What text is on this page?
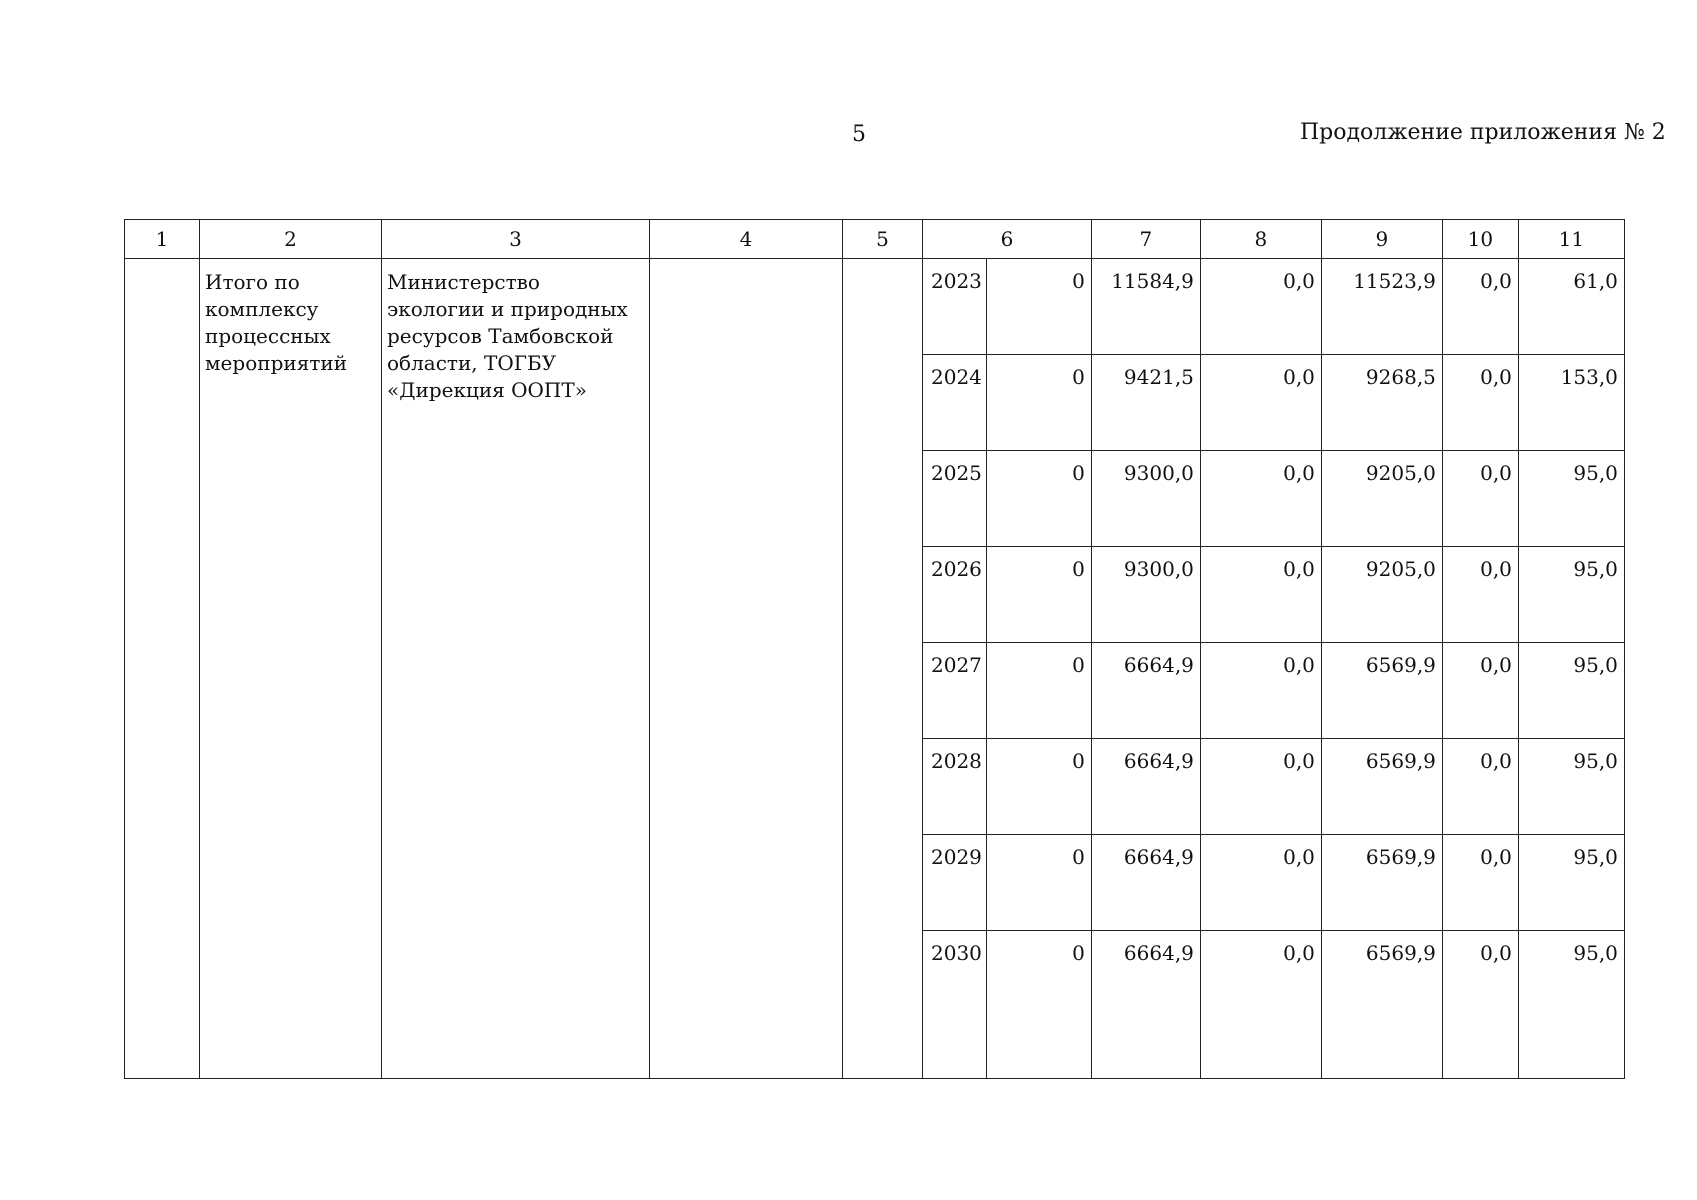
5	Продолжение приложения № 2
1	2	3	4	5	6		7	8	9	10	11
	Итого по комплексу процессных мероприятий	Министерство экологии и природных ресурсов Тамбовской области, ТОГБУ «Дирекция ООПТ»			2023	0	11584,9	0,0	11523,9	0,0	61,0
					2024	0	9421,5	0,0	9268,5	0,0	153,0
					2025	0	9300,0	0,0	9205,0	0,0	95,0
					2026	0	9300,0	0,0	9205,0	0,0	95,0
					2027	0	6664,9	0,0	6569,9	0,0	95,0
					2028	0	6664,9	0,0	6569,9	0,0	95,0
					2029	0	6664,9	0,0	6569,9	0,0	95,0
					2030	0	6664,9	0,0	6569,9	0,0	95,0
